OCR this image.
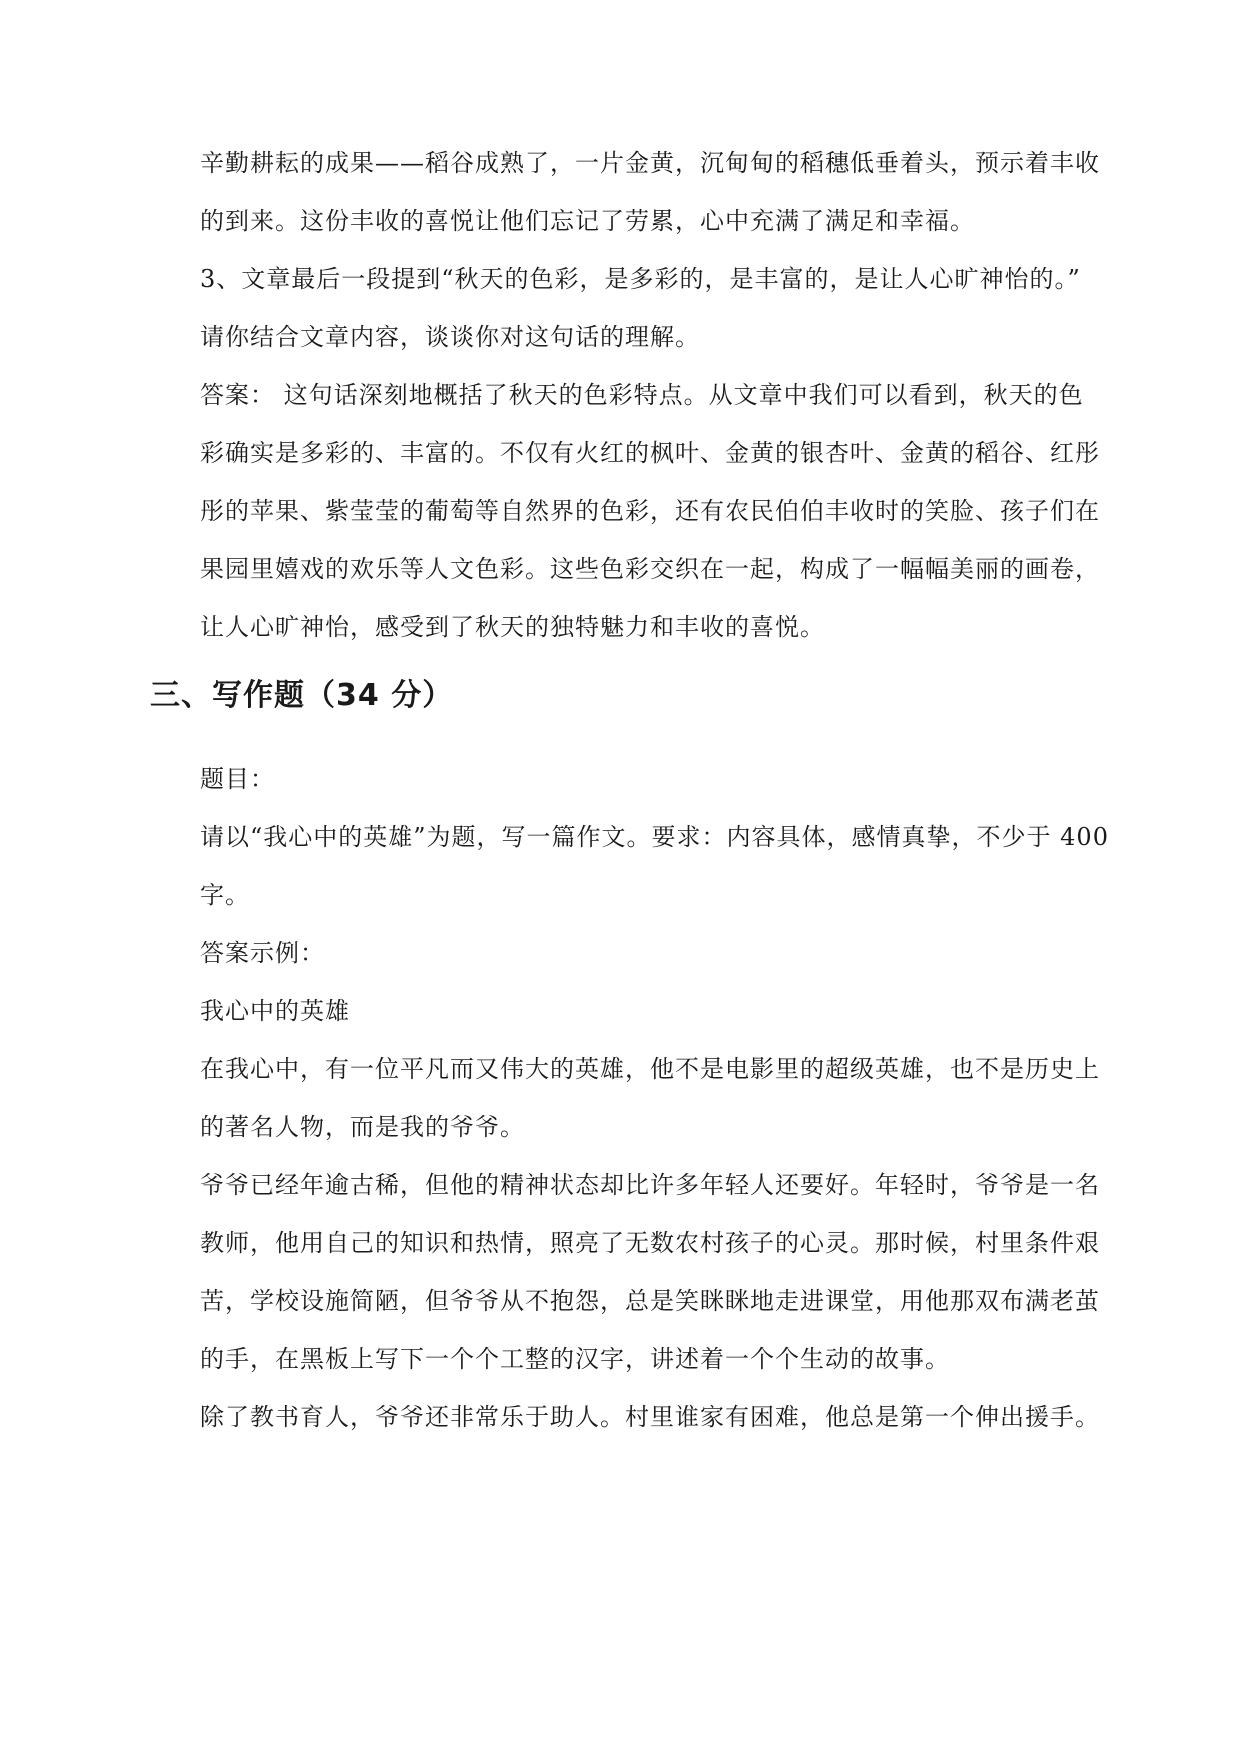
辛勤耕耘的成果——稻谷成熟了，一片金黄，沉甸甸的稻穗低垂着头，预示着丰收
的到来。这份丰收的喜悦让他们忘记了劳累，心中充满了满足和幸福。
3、文章最后一段提到“秋天的色彩，是多彩的，是丰富的，是让人心旷神怡的。”
请你结合文章内容，谈谈你对这句话的理解。
答案： 这句话深刻地概括了秋天的色彩特点。从文章中我们可以看到，秋天的色
彩确实是多彩的、丰富的。不仅有火红的枫叶、金黄的银杏叶、金黄的稻谷、红彤
彤的苹果、紫莹莹的葡萄等自然界的色彩，还有农民伯伯丰收时的笑脸、孩子们在
果园里嬉戏的欢乐等人文色彩。这些色彩交织在一起，构成了一幅幅美丽的画卷，
让人心旷神怡，感受到了秋天的独特魅力和丰收的喜悦。
三、写作题（34 分）
题目：
请以“我心中的英雄”为题，写一篇作文。要求：内容具体，感情真挚，不少于 400
字。
答案示例：
我心中的英雄
在我心中，有一位平凡而又伟大的英雄，他不是电影里的超级英雄，也不是历史上
的著名人物，而是我的爷爷。
爷爷已经年逾古稀，但他的精神状态却比许多年轻人还要好。年轻时，爷爷是一名
教师，他用自己的知识和热情，照亮了无数农村孩子的心灵。那时候，村里条件艰
苦，学校设施简陋，但爷爷从不抱怨，总是笑眯眯地走进课堂，用他那双布满老茧
的手，在黑板上写下一个个工整的汉字，讲述着一个个生动的故事。
除了教书育人，爷爷还非常乐于助人。村里谁家有困难，他总是第一个伸出援手。
